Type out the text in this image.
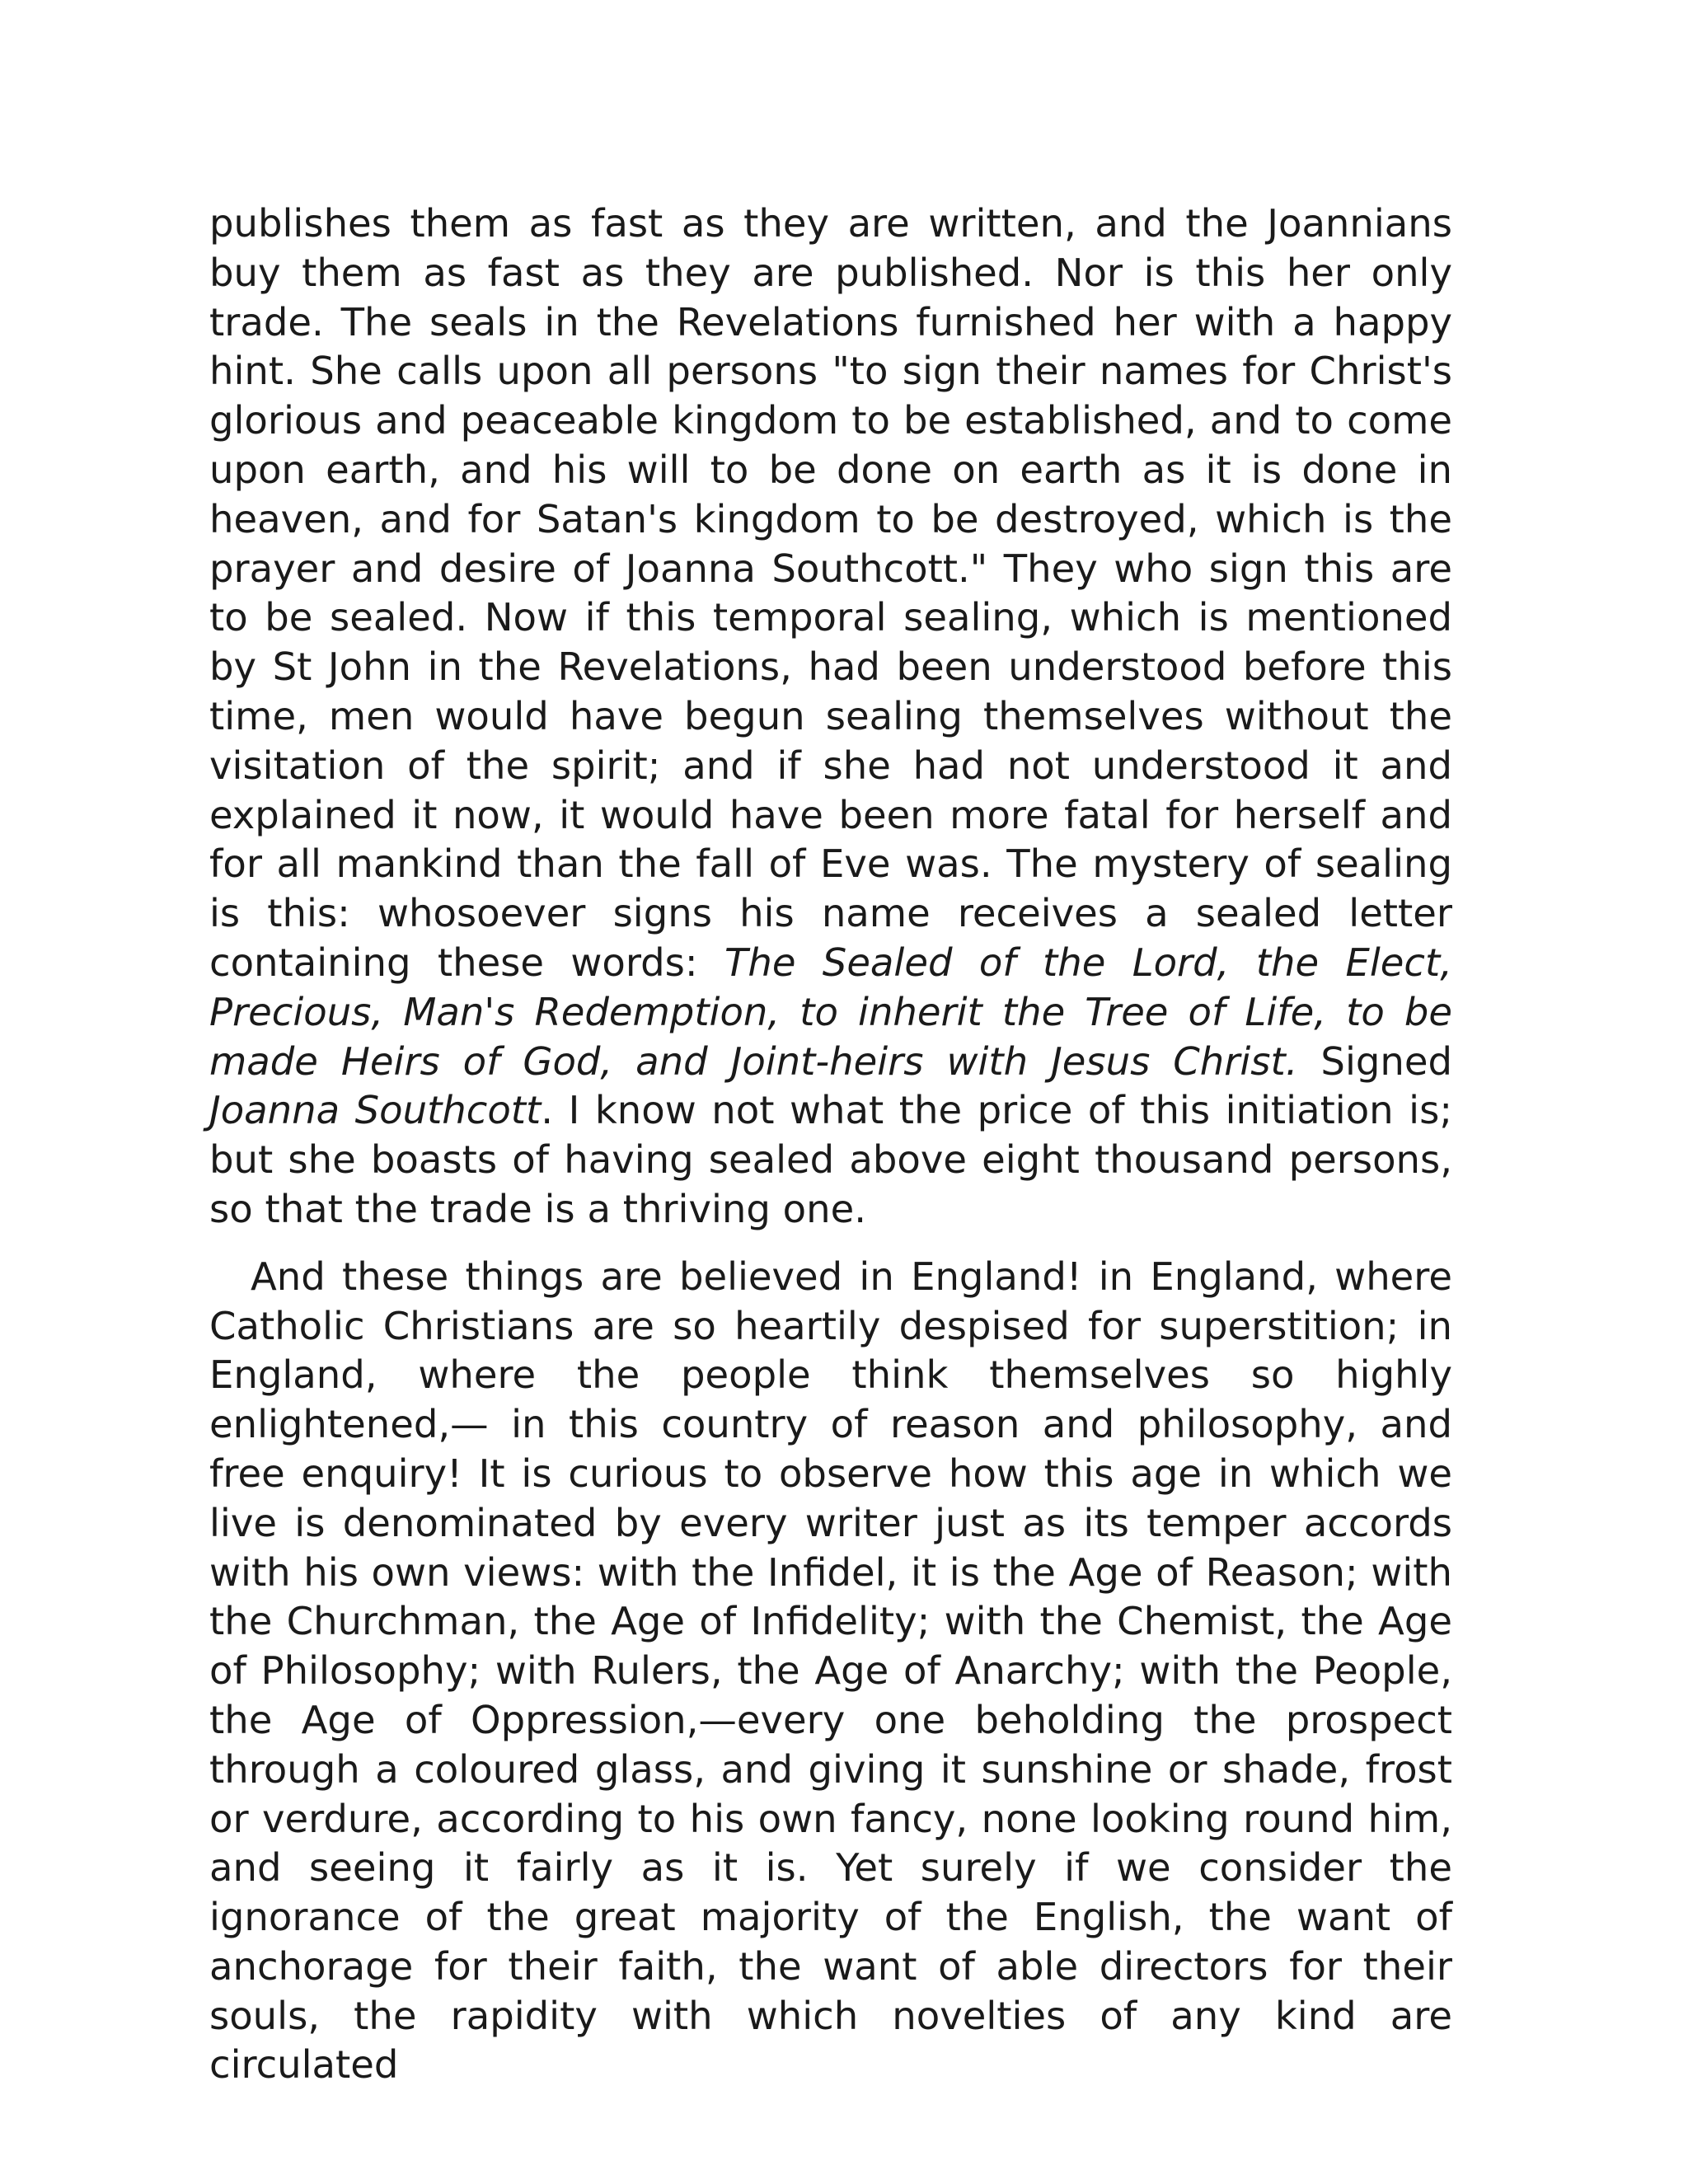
publishes them as fast as they are written, and the Joannians buy them as fast as they are published. Nor is this her only trade. The seals in the Revelations furnished her with a happy hint. She calls upon all persons "to sign their names for Christ's glorious and peaceable kingdom to be established, and to come upon earth, and his will to be done on earth as it is done in heaven, and for Satan's kingdom to be destroyed, which is the prayer and desire of Joanna Southcott." They who sign this are to be sealed. Now if this temporal sealing, which is mentioned by St John in the Revelations, had been understood before this time, men would have begun sealing themselves without the visitation of the spirit; and if she had not understood it and explained it now, it would have been more fatal for herself and for all mankind than the fall of Eve was. The mystery of sealing is this: whosoever signs his name receives a sealed letter containing these words: The Sealed of the Lord, the Elect, Precious, Man's Redemption, to inherit the Tree of Life, to be made Heirs of God, and Joint-heirs with Jesus Christ. Signed Joanna Southcott. I know not what the price of this initiation is; but she boasts of having sealed above eight thousand persons, so that the trade is a thriving one.

And these things are believed in England! in England, where Catholic Christians are so heartily despised for superstition; in England, where the people think themselves so highly enlightened,— in this country of reason and philosophy, and free enquiry! It is curious to observe how this age in which we live is denominated by every writer just as its temper accords with his own views: with the Infidel, it is the Age of Reason; with the Churchman, the Age of Infidelity; with the Chemist, the Age of Philosophy; with Rulers, the Age of Anarchy; with the People, the Age of Oppression,—every one beholding the prospect through a coloured glass, and giving it sunshine or shade, frost or verdure, according to his own fancy, none looking round him, and seeing it fairly as it is. Yet surely if we consider the ignorance of the great majority of the English, the want of anchorage for their faith, the want of able directors for their souls, the rapidity with which novelties of any kind are circulated
